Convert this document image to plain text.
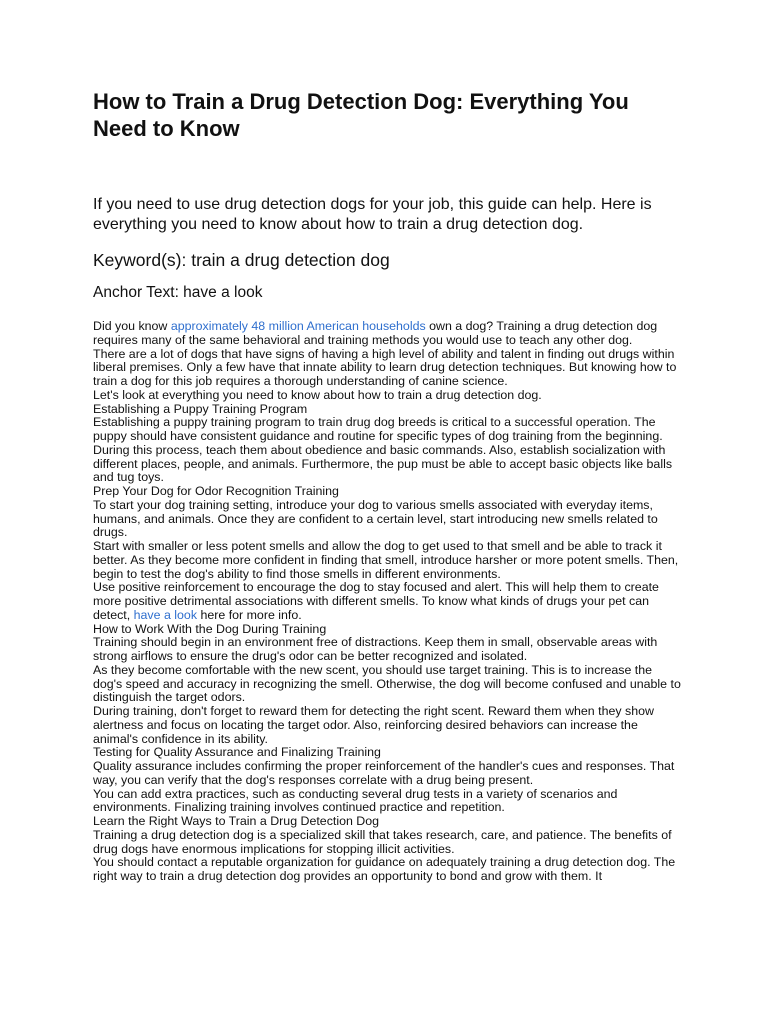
How to Train a Drug Detection Dog: Everything You Need to Know

If you need to use drug detection dogs for your job, this guide can help. Here is everything you need to know about how to train a drug detection dog.

Keyword(s): train a drug detection dog

Anchor Text: have a look

Did you know approximately 48 million American households own a dog? Training a drug detection dog requires many of the same behavioral and training methods you would use to teach any other dog.

There are a lot of dogs that have signs of having a high level of ability and talent in finding out drugs within liberal premises. Only a few have that innate ability to learn drug detection techniques. But knowing how to train a dog for this job requires a thorough understanding of canine science.

Let's look at everything you need to know about how to train a drug detection dog.

Establishing a Puppy Training Program

Establishing a puppy training program to train drug dog breeds is critical to a successful operation. The puppy should have consistent guidance and routine for specific types of dog training from the beginning.

During this process, teach them about obedience and basic commands. Also, establish socialization with different places, people, and animals. Furthermore, the pup must be able to accept basic objects like balls and tug toys.

Prep Your Dog for Odor Recognition Training

To start your dog training setting, introduce your dog to various smells associated with everyday items, humans, and animals. Once they are confident to a certain level, start introducing new smells related to drugs.

Start with smaller or less potent smells and allow the dog to get used to that smell and be able to track it better. As they become more confident in finding that smell, introduce harsher or more potent smells. Then, begin to test the dog's ability to find those smells in different environments.

Use positive reinforcement to encourage the dog to stay focused and alert. This will help them to create more positive detrimental associations with different smells. To know what kinds of drugs your pet can detect, have a look here for more info.

How to Work With the Dog During Training

Training should begin in an environment free of distractions. Keep them in small, observable areas with strong airflows to ensure the drug's odor can be better recognized and isolated.

As they become comfortable with the new scent, you should use target training. This is to increase the dog's speed and accuracy in recognizing the smell. Otherwise, the dog will become confused and unable to distinguish the target odors.

During training, don't forget to reward them for detecting the right scent. Reward them when they show alertness and focus on locating the target odor. Also, reinforcing desired behaviors can increase the animal's confidence in its ability.

Testing for Quality Assurance and Finalizing Training

Quality assurance includes confirming the proper reinforcement of the handler's cues and responses. That way, you can verify that the dog's responses correlate with a drug being present.

You can add extra practices, such as conducting several drug tests in a variety of scenarios and environments. Finalizing training involves continued practice and repetition.

Learn the Right Ways to Train a Drug Detection Dog

Training a drug detection dog is a specialized skill that takes research, care, and patience. The benefits of drug dogs have enormous implications for stopping illicit activities.

You should contact a reputable organization for guidance on adequately training a drug detection dog. The right way to train a drug detection dog provides an opportunity to bond and grow with them. It
